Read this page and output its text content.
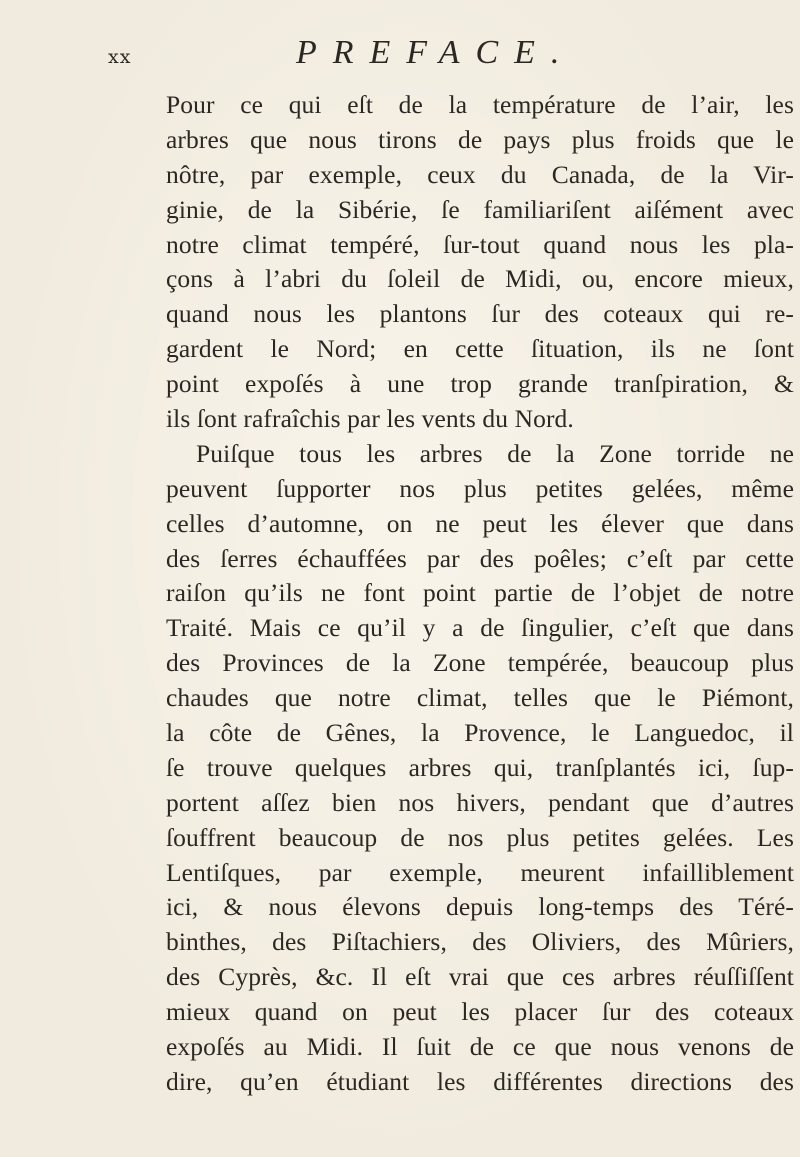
xx	PREFACE.
Pour ce qui eſt de la température de l’air, les
arbres que nous tirons de pays plus froids que le
nôtre, par exemple, ceux du Canada, de la Vir-
ginie, de la Sibérie, ſe familiariſent aiſément avec
notre climat tempéré, ſur-tout quand nous les pla-
çons à l’abri du ſoleil de Midi, ou, encore mieux,
quand nous les plantons ſur des coteaux qui re-
gardent le Nord; en cette ſituation, ils ne ſont
point expoſés à une trop grande tranſpiration, &
ils ſont rafraîchis par les vents du Nord.
Puiſque tous les arbres de la Zone torride ne
peuvent ſupporter nos plus petites gelées, même
celles d’automne, on ne peut les élever que dans
des ſerres échauffées par des poêles; c’eſt par cette
raiſon qu’ils ne font point partie de l’objet de notre
Traité. Mais ce qu’il y a de ſingulier, c’eſt que dans
des Provinces de la Zone tempérée, beaucoup plus
chaudes que notre climat, telles que le Piémont,
la côte de Gênes, la Provence, le Languedoc, il
ſe trouve quelques arbres qui, tranſplantés ici, ſup-
portent aſſez bien nos hivers, pendant que d’autres
ſouffrent beaucoup de nos plus petites gelées. Les
Lentiſques, par exemple, meurent infailliblement
ici, & nous élevons depuis long-temps des Téré-
binthes, des Piſtachiers, des Oliviers, des Mûriers,
des Cyprès, &c. Il eſt vrai que ces arbres réuſſiſſent
mieux quand on peut les placer ſur des coteaux
expoſés au Midi. Il ſuit de ce que nous venons de
dire, qu’en étudiant les différentes directions des
